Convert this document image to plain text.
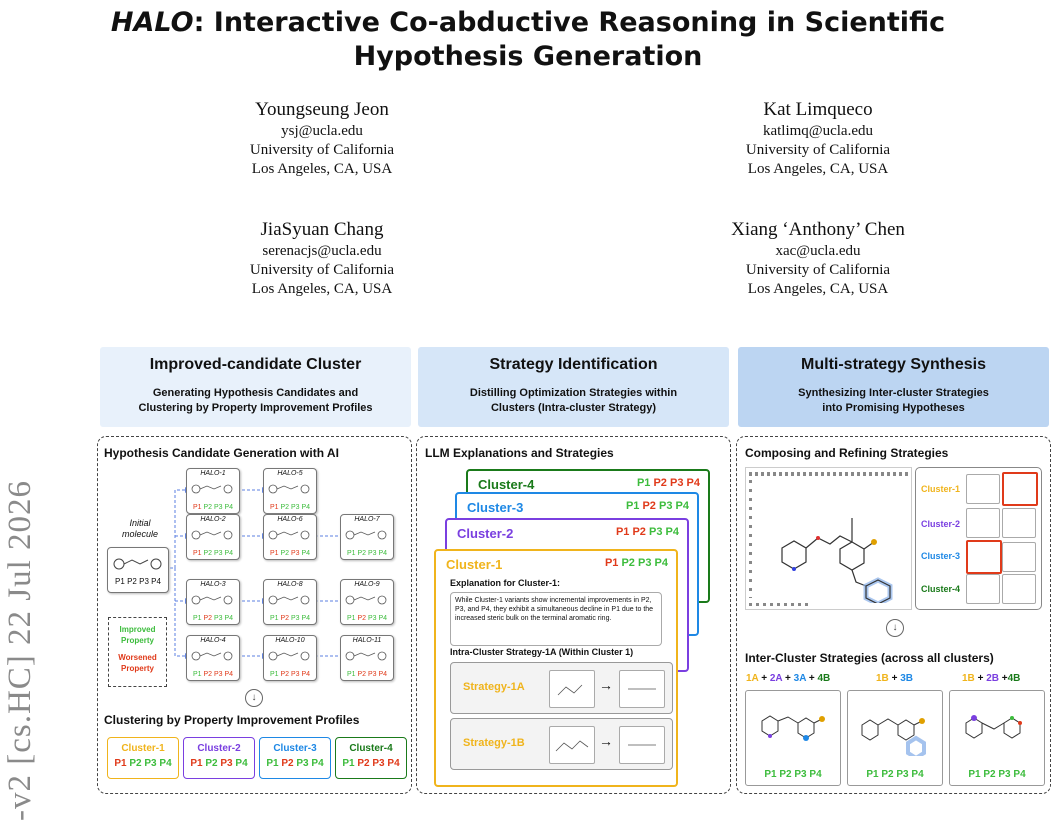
HALO: Interactive Co-abductive Reasoning in Scientific
Hypothesis Generation
Youngseung Jeon
ysj@ucla.edu
University of California
Los Angeles, CA, USA
Kat Limqueco
katlimq@ucla.edu
University of California
Los Angeles, CA, USA
JiaSyuan Chang
serenacjs@ucla.edu
University of California
Los Angeles, CA, USA
Xiang ‘Anthony’ Chen
xac@ucla.edu
University of California
Los Angeles, CA, USA
-v2 [cs.HC] 22 Jul 2026
Improved-candidate Cluster
Generating Hypothesis Candidates and
Clustering by Property Improvement Profiles
Strategy Identification
Distilling Optimization Strategies within
Clusters (Intra-cluster Strategy)
Multi-strategy Synthesis
Synthesizing Inter-cluster Strategies
into Promising Hypotheses
Hypothesis Candidate Generation with AI
Initial
molecule
P1 P2 P3 P4
Improved
Property
Worsened
Property
HALO-1
P1 P2 P3 P4
HALO-5
P1 P2 P3 P4
HALO-2
P1 P2 P3 P4
HALO-6
P1 P2 P3 P4
HALO-7
P1 P2 P3 P4
HALO-3
P1 P2 P3 P4
HALO-8
P1 P2 P3 P4
HALO-9
P1 P2 P3 P4
HALO-4
P1 P2 P3 P4
HALO-10
P1 P2 P3 P4
HALO-11
P1 P2 P3 P4
↓
Clustering by Property Improvement Profiles
Cluster-1
P1 P2 P3 P4
Cluster-2
P1 P2 P3 P4
Cluster-3
P1 P2 P3 P4
Cluster-4
P1 P2 P3 P4
LLM Explanations and Strategies
Cluster-4	P1 P2 P3 P4
Cluster-3	P1 P2 P3 P4
Cluster-2	P1 P2 P3 P4
Cluster-1	P1 P2 P3 P4
Explanation for Cluster-1:
While Cluster-1 variants show incremental improvements in P2, P3, and P4, they exhibit a simultaneous decline in P1 due to the increased steric bulk on the terminal aromatic ring.
Intra-Cluster Strategy-1A (Within Cluster 1)
Strategy-1A	→
Strategy-1B	→
Composing and Refining Strategies
Cluster-1
Cluster-2
Cluster-3
Cluster-4
↓
Inter-Cluster Strategies (across all clusters)
1A + 2A + 3A + 4B	1B + 3B	1B + 2B +4B
P1 P2 P3 P4	P1 P2 P3 P4	P1 P2 P3 P4
